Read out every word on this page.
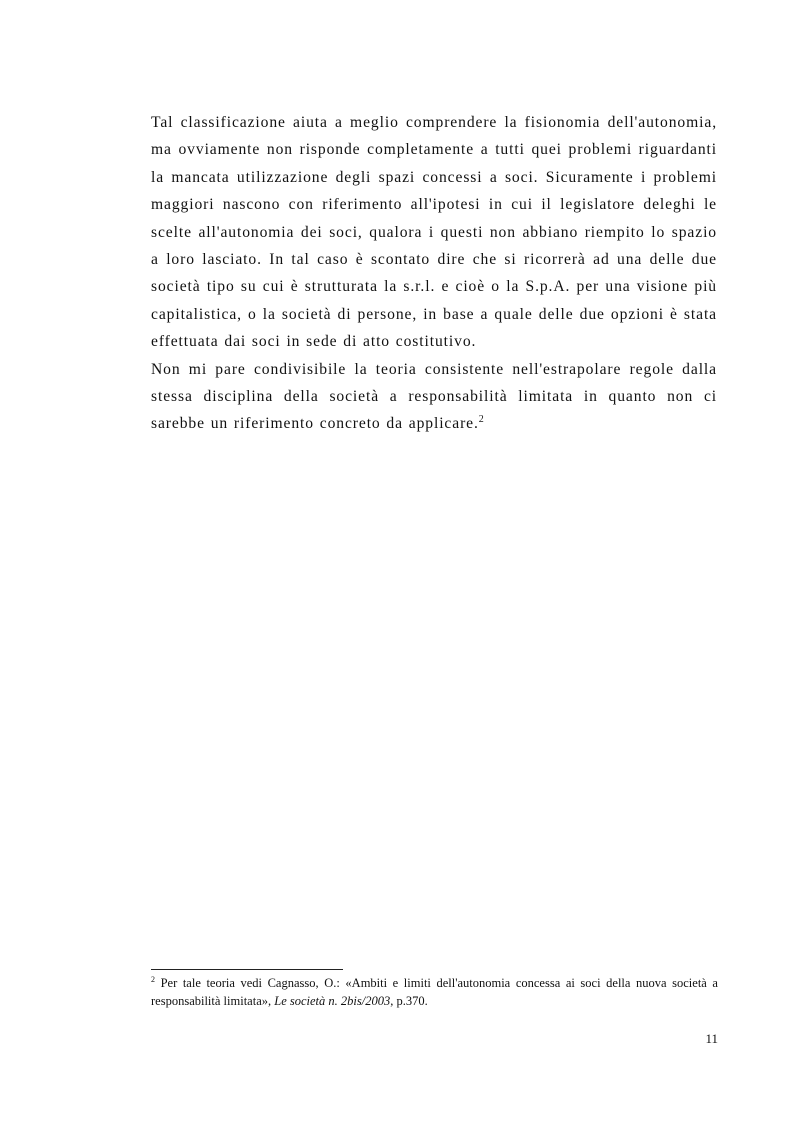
Tal classificazione aiuta a meglio comprendere la fisionomia dell'autonomia, ma ovviamente non risponde completamente a tutti quei problemi riguardanti la mancata utilizzazione degli spazi concessi a soci. Sicuramente i problemi maggiori nascono con riferimento all'ipotesi in cui il legislatore deleghi le scelte all'autonomia dei soci, qualora i questi non abbiano riempito lo spazio a loro lasciato. In tal caso è scontato dire che si ricorrerà ad una delle due società tipo su cui è strutturata la s.r.l. e cioè o la S.p.A. per una visione più capitalistica, o la società di persone, in base a quale delle due opzioni è stata effettuata dai soci in sede di atto costitutivo.

Non mi pare condivisibile la teoria consistente nell'estrapolare regole dalla stessa disciplina della società a responsabilità limitata in quanto non ci sarebbe un riferimento concreto da applicare.$^2$

$^2$ Per tale teoria vedi Cagnasso, O.: «Ambiti e limiti dell'autonomia concessa ai soci della nuova società a responsabilità limitata», Le società n. 2bis/2003, p.370.
11
